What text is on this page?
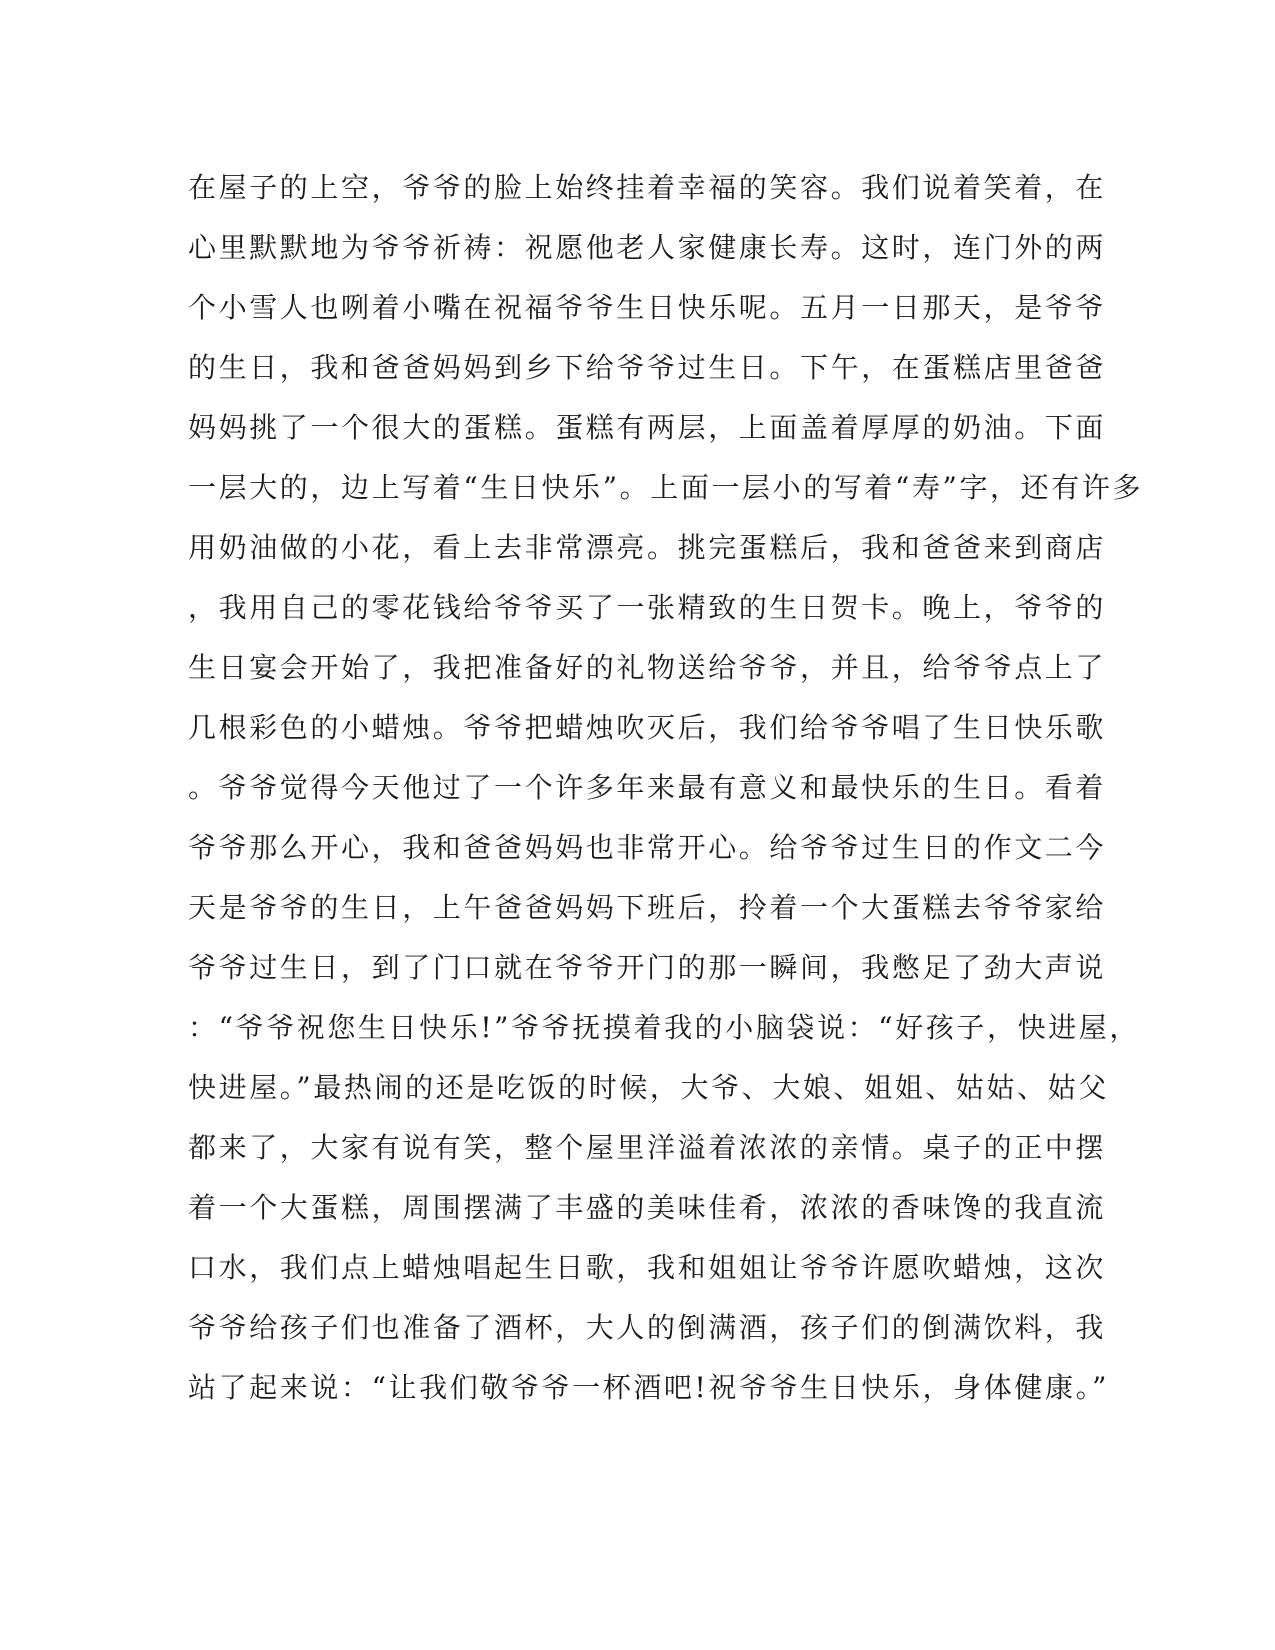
在屋子的上空，爷爷的脸上始终挂着幸福的笑容。我们说着笑着，在
心里默默地为爷爷祈祷：祝愿他老人家健康长寿。这时，连门外的两
个小雪人也咧着小嘴在祝福爷爷生日快乐呢。五月一日那天，是爷爷
的生日，我和爸爸妈妈到乡下给爷爷过生日。下午，在蛋糕店里爸爸
妈妈挑了一个很大的蛋糕。蛋糕有两层，上面盖着厚厚的奶油。下面
一层大的，边上写着“生日快乐”。上面一层小的写着“寿”字，还有许多
用奶油做的小花，看上去非常漂亮。挑完蛋糕后，我和爸爸来到商店
，我用自己的零花钱给爷爷买了一张精致的生日贺卡。晚上，爷爷的
生日宴会开始了，我把准备好的礼物送给爷爷，并且，给爷爷点上了
几根彩色的小蜡烛。爷爷把蜡烛吹灭后，我们给爷爷唱了生日快乐歌
。爷爷觉得今天他过了一个许多年来最有意义和最快乐的生日。看着
爷爷那么开心，我和爸爸妈妈也非常开心。给爷爷过生日的作文二今
天是爷爷的生日，上午爸爸妈妈下班后，拎着一个大蛋糕去爷爷家给
爷爷过生日，到了门口就在爷爷开门的那一瞬间，我憋足了劲大声说
：“爷爷祝您生日快乐!”爷爷抚摸着我的小脑袋说：“好孩子，快进屋，
快进屋。”最热闹的还是吃饭的时候，大爷、大娘、姐姐、姑姑、姑父
都来了，大家有说有笑，整个屋里洋溢着浓浓的亲情。桌子的正中摆
着一个大蛋糕，周围摆满了丰盛的美味佳肴，浓浓的香味馋的我直流
口水，我们点上蜡烛唱起生日歌，我和姐姐让爷爷许愿吹蜡烛，这次
爷爷给孩子们也准备了酒杯，大人的倒满酒，孩子们的倒满饮料，我
站了起来说：“让我们敬爷爷一杯酒吧!祝爷爷生日快乐，身体健康。”
